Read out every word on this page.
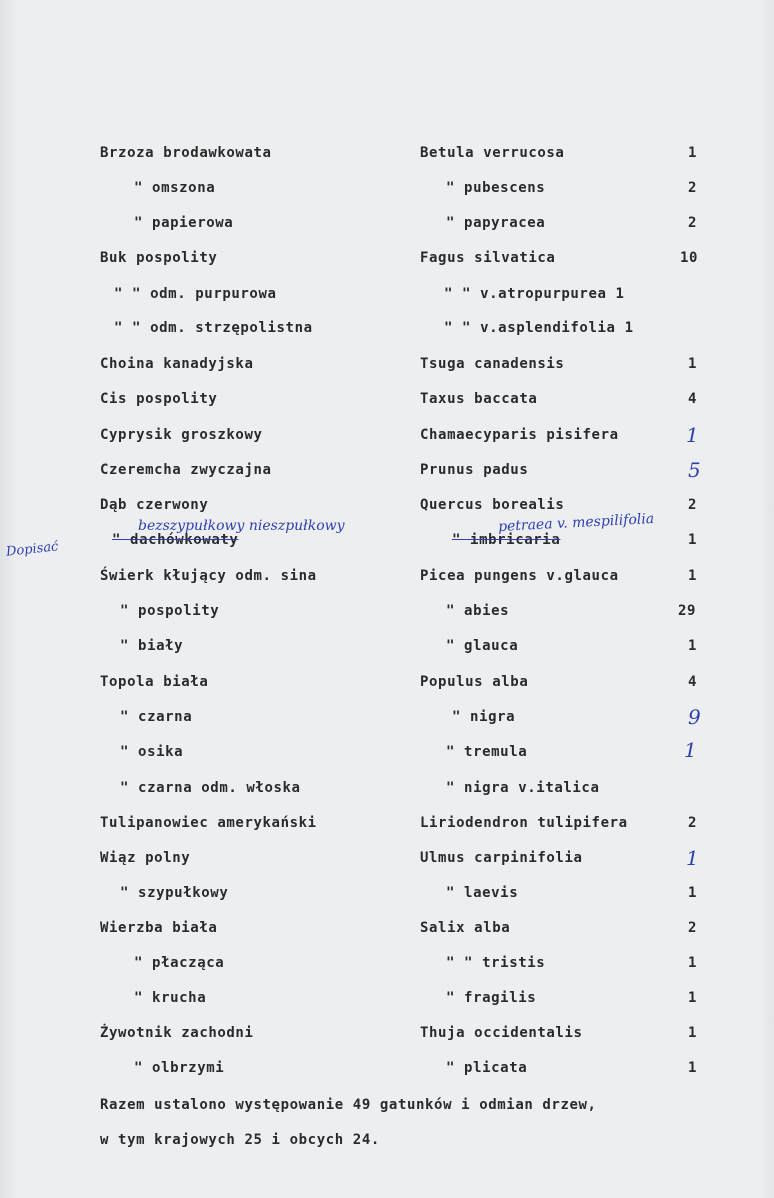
Brzoza brodawkowata	Betula verrucosa	1
" omszona	" pubescens	2
" papierowa	" papyracea	2
Buk pospolity	Fagus silvatica	10
" " odm. purpurowa	" " v.atropurpurea 1
" " odm. strzępolistna	" " v.asplendifolia 1
Choina kanadyjska	Tsuga canadensis	1
Cis pospolity	Taxus baccata	4
Cyprysik groszkowy	Chamaecyparis pisifera	1
Czeremcha zwyczajna	Prunus padus	5
Dąb czerwony	Quercus borealis	2
" dachówkowaty	" imbricaria	1
Świerk kłujący odm. sina	Picea pungens v.glauca	1
" pospolity	" abies	29
" biały	" glauca	1
Topola biała	Populus alba	4
" czarna	" nigra	9
" osika	" tremula	1
" czarna odm. włoska	" nigra v.italica
Tulipanowiec amerykański	Liriodendron tulipifera	2
Wiąz polny	Ulmus carpinifolia	1
" szypułkowy	" laevis	1
Wierzba biała	Salix alba	2
" płacząca	" " tristis	1
" krucha	" fragilis	1
Żywotnik zachodni	Thuja occidentalis	1
" olbrzymi	" plicata	1
Dopisać
bezszypułkowy nieszpułkowy	petraea v. mespilifolia
Razem ustalono występowanie 49 gatunków i odmian drzew,
w tym krajowych 25 i obcych 24.
